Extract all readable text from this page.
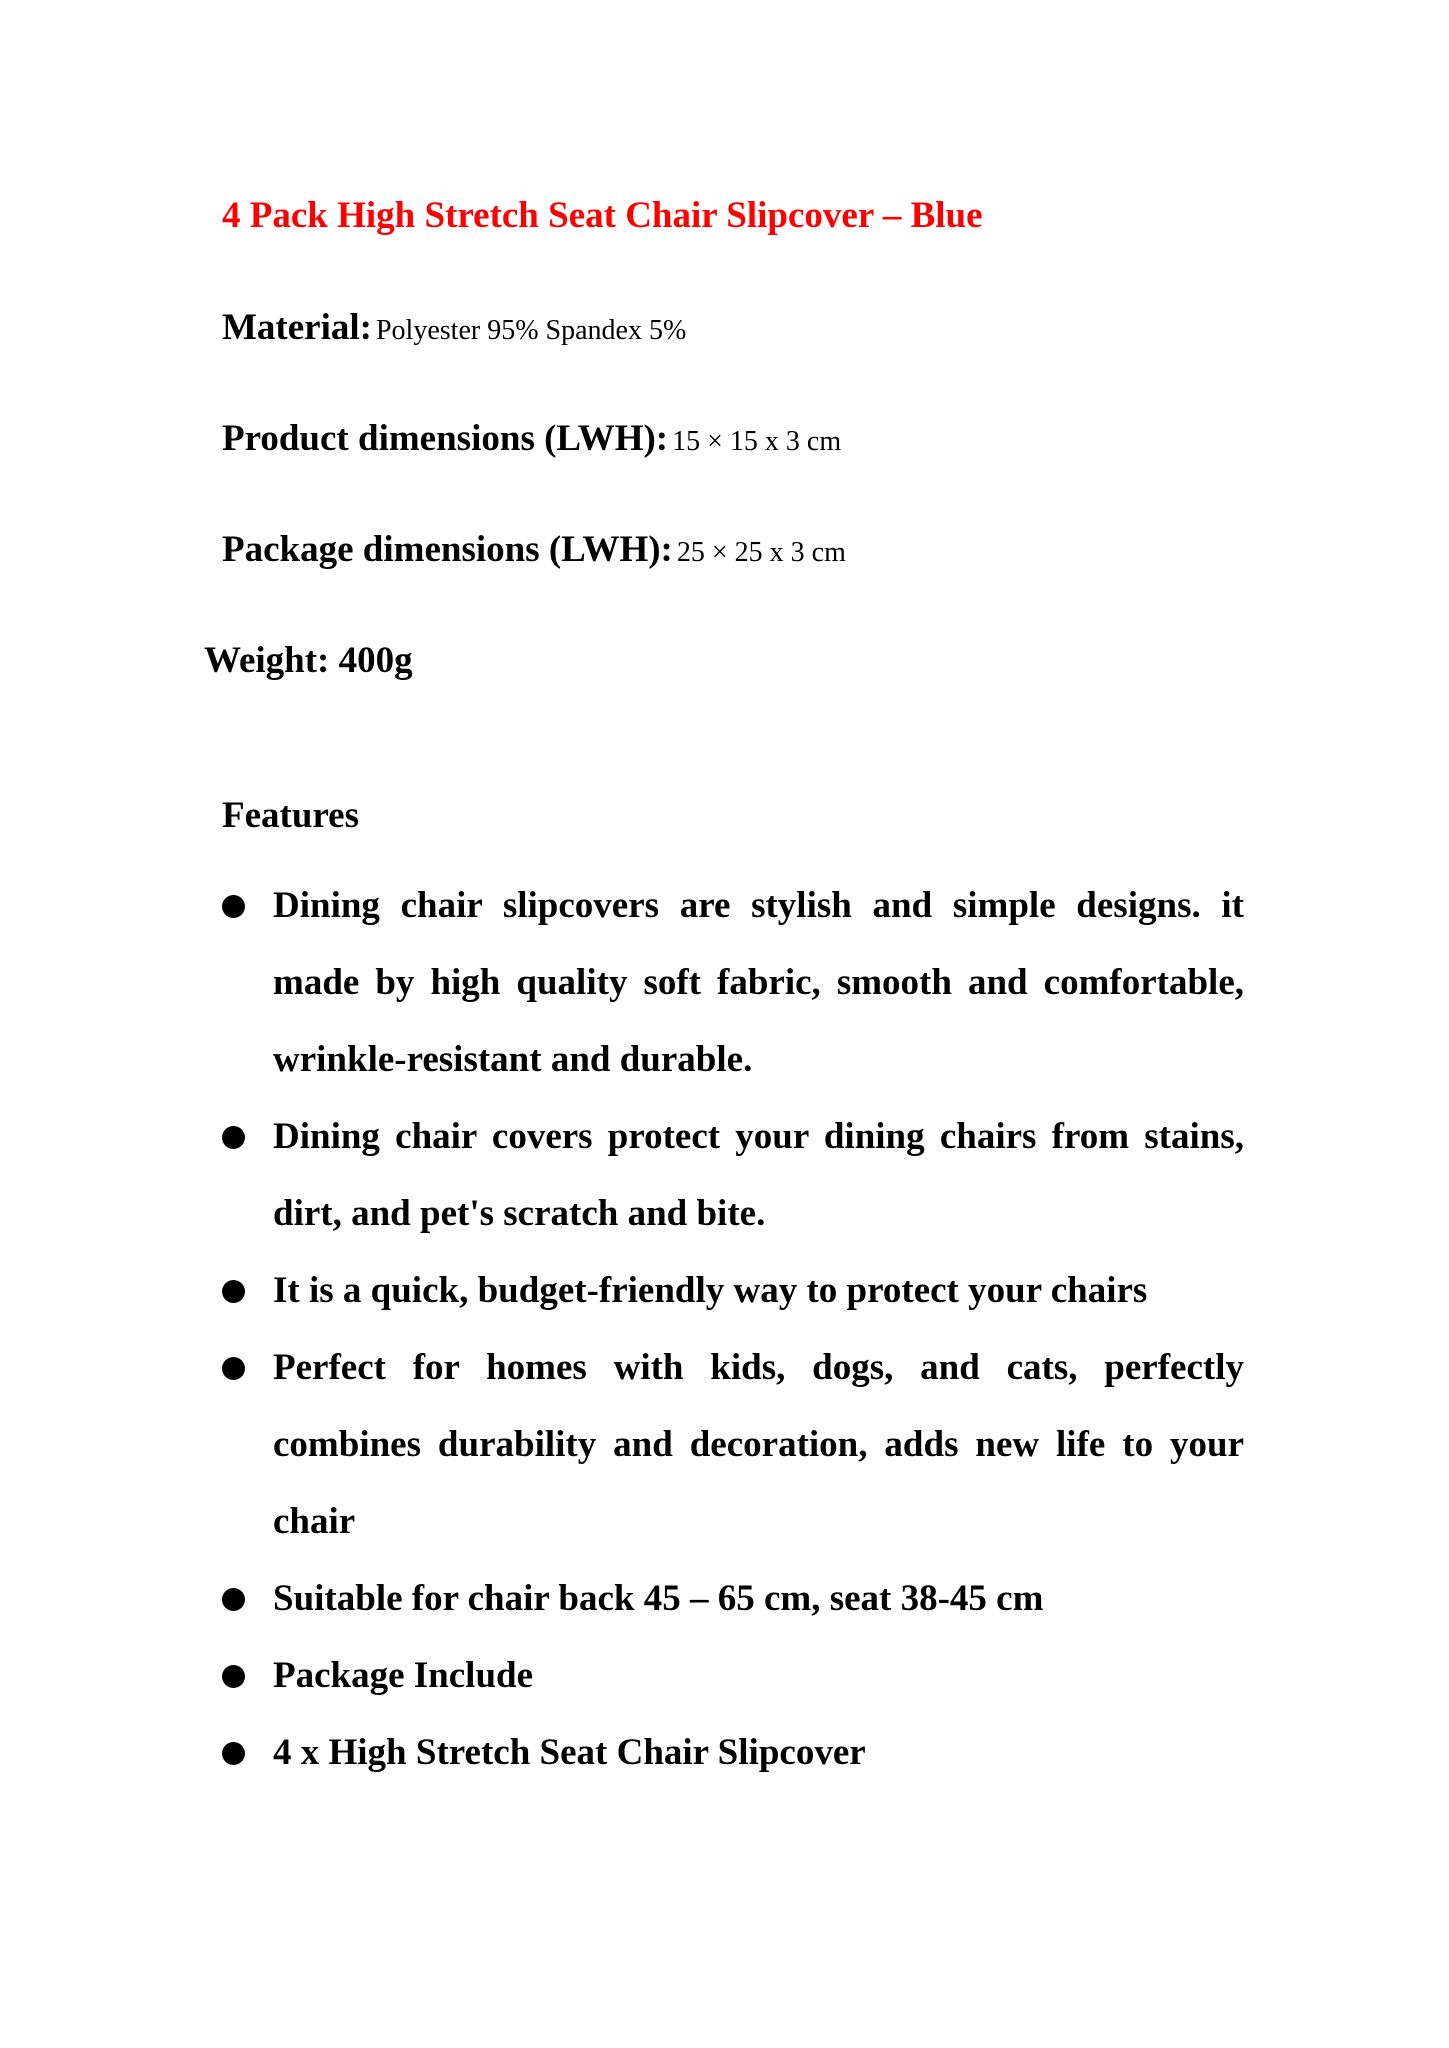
4 Pack High Stretch Seat Chair Slipcover – Blue
Material: Polyester 95% Spandex 5%
Product dimensions (LWH): 15 × 15 x 3 cm
Package dimensions (LWH): 25 × 25 x 3 cm
Weight: 400g
Features
Dining chair slipcovers are stylish and simple designs. it made by high quality soft fabric, smooth and comfortable, wrinkle-resistant and durable.
Dining chair covers protect your dining chairs from stains, dirt, and pet's scratch and bite.
It is a quick, budget-friendly way to protect your chairs
Perfect for homes with kids, dogs, and cats, perfectly combines durability and decoration, adds new life to your chair
Suitable for chair back 45 – 65 cm, seat 38-45 cm
Package Include
4 x High Stretch Seat Chair Slipcover
